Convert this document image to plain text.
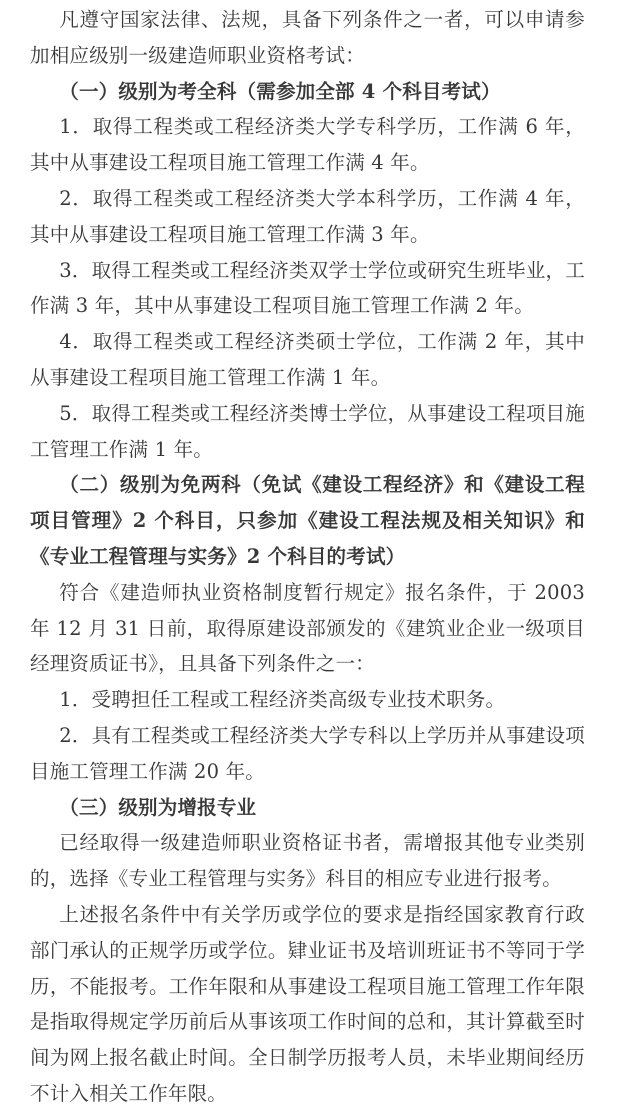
凡遵守国家法律、法规，具备下列条件之一者，可以申请参加相应级别一级建造师职业资格考试：

（一）级别为考全科（需参加全部 4 个科目考试）

1．取得工程类或工程经济类大学专科学历，工作满 6 年，其中从事建设工程项目施工管理工作满 4 年。

2．取得工程类或工程经济类大学本科学历，工作满 4 年，其中从事建设工程项目施工管理工作满 3 年。

3．取得工程类或工程经济类双学士学位或研究生班毕业，工作满 3 年，其中从事建设工程项目施工管理工作满 2 年。

4．取得工程类或工程经济类硕士学位，工作满 2 年，其中从事建设工程项目施工管理工作满 1 年。

5．取得工程类或工程经济类博士学位，从事建设工程项目施工管理工作满 1 年。

（二）级别为免两科（免试《建设工程经济》和《建设工程项目管理》2 个科目，只参加《建设工程法规及相关知识》和《专业工程管理与实务》2 个科目的考试）

符合《建造师执业资格制度暂行规定》报名条件，于 2003 年 12 月 31 日前，取得原建设部颁发的《建筑业企业一级项目经理资质证书》，且具备下列条件之一：

1．受聘担任工程或工程经济类高级专业技术职务。

2．具有工程类或工程经济类大学专科以上学历并从事建设项目施工管理工作满 20 年。

（三）级别为增报专业

已经取得一级建造师职业资格证书者，需增报其他专业类别的，选择《专业工程管理与实务》科目的相应专业进行报考。

上述报名条件中有关学历或学位的要求是指经国家教育行政部门承认的正规学历或学位。肄业证书及培训班证书不等同于学历，不能报考。工作年限和从事建设工程项目施工管理工作年限是指取得规定学历前后从事该项工作时间的总和，其计算截至时间为网上报名截止时间。全日制学历报考人员，未毕业期间经历不计入相关工作年限。
